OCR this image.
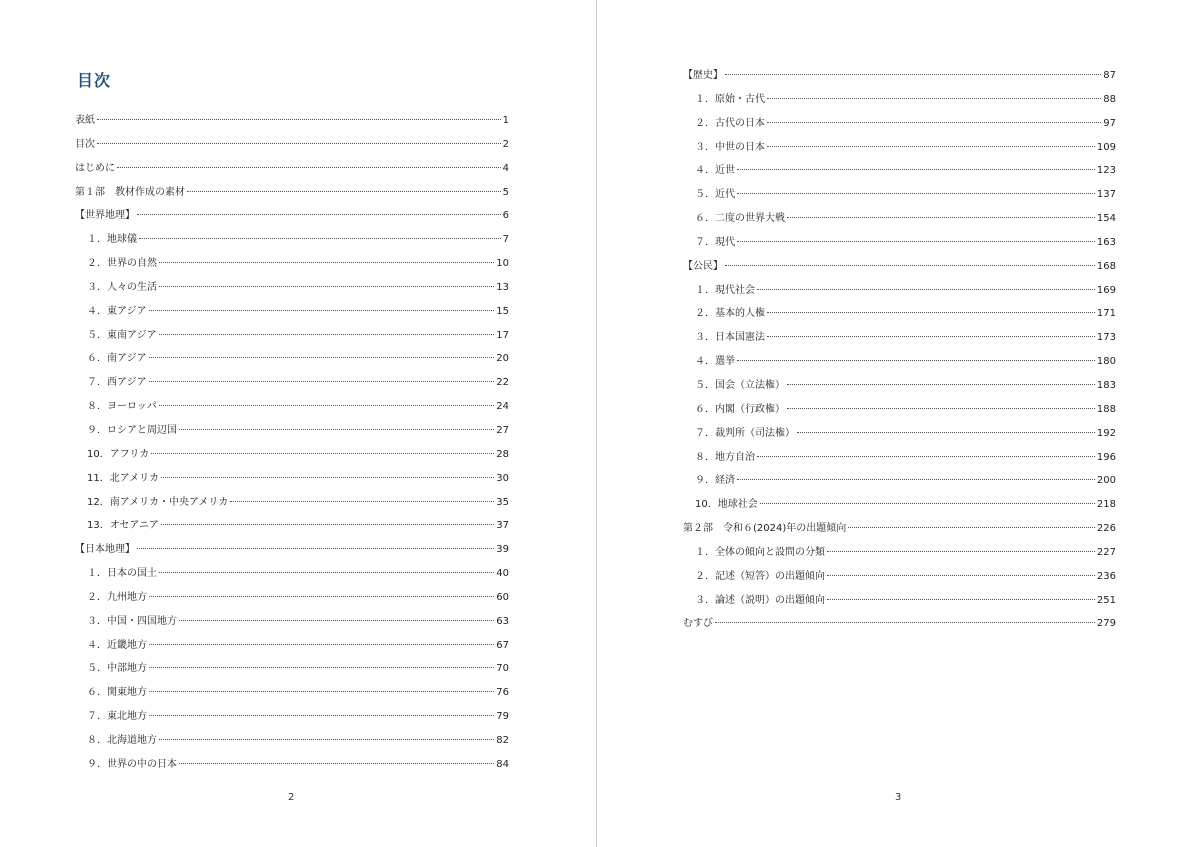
目次
表紙	1
目次	2
はじめに	4
第１部　教材作成の素材	5
【世界地理】	6
１．地球儀	7
２．世界の自然	10
３．人々の生活	13
４．東アジア	15
５．東南アジア	17
６．南アジア	20
７．西アジア	22
８．ヨーロッパ	24
９．ロシアと周辺国	27
10．アフリカ	28
11．北アメリカ	30
12．南アメリカ・中央アメリカ	35
13．オセアニア	37
【日本地理】	39
１．日本の国土	40
２．九州地方	60
３．中国・四国地方	63
４．近畿地方	67
５．中部地方	70
６．関東地方	76
７．東北地方	79
８．北海道地方	82
９．世界の中の日本	84
2
【歴史】	87
１．原始・古代	88
２．古代の日本	97
３．中世の日本	109
４．近世	123
５．近代	137
６．二度の世界大戦	154
７．現代	163
【公民】	168
１．現代社会	169
２．基本的人権	171
３．日本国憲法	173
４．選挙	180
５．国会（立法権）	183
６．内閣（行政権）	188
７．裁判所（司法権）	192
８．地方自治	196
９．経済	200
10．地球社会	218
第２部　令和６(2024)年の出題傾向	226
１．全体の傾向と設問の分類	227
２．記述（短答）の出題傾向	236
３．論述（説明）の出題傾向	251
むすび	279
3
